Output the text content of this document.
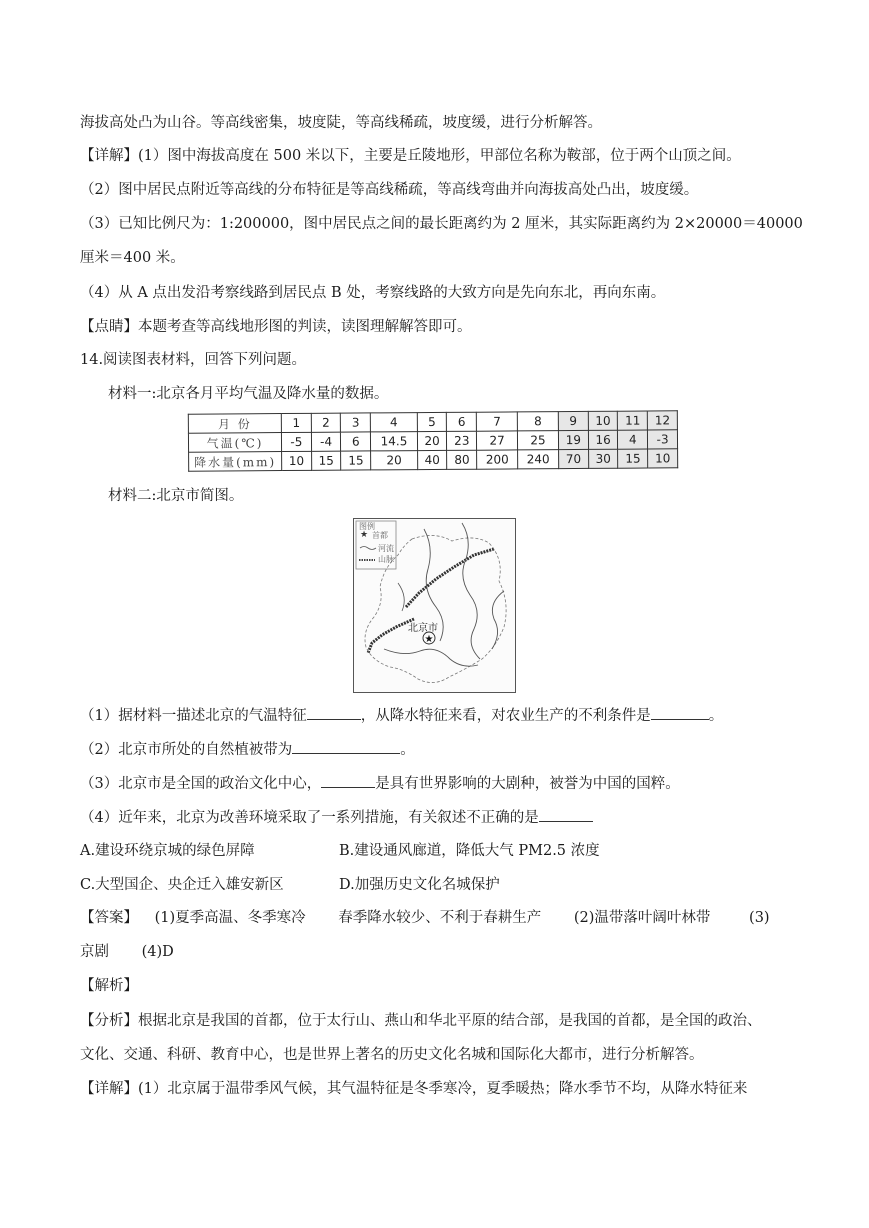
海拔高处凸为山谷。等高线密集，坡度陡，等高线稀疏，坡度缓，进行分析解答。
【详解】(1）图中海拔高度在 500 米以下，主要是丘陵地形，甲部位名称为鞍部，位于两个山顶之间。
（2）图中居民点附近等高线的分布特征是等高线稀疏，等高线弯曲并向海拔高处凸出，坡度缓。
（3）已知比例尺为：1:200000，图中居民点之间的最长距离约为 2 厘米，其实际距离约为 2×20000＝40000
厘米＝400 米。
（4）从 A 点出发沿考察线路到居民点 B 处，考察线路的大致方向是先向东北，再向东南。
【点睛】本题考查等高线地形图的判读，读图理解解答即可。
14.阅读图表材料，回答下列问题。
材料一:北京各月平均气温及降水量的数据。
月 份	1	2	3	4	5	6	7	8	9	10	11	12
气温(℃)	-5	-4	6	14.5	20	23	27	25	19	16	4	-3
降水量(mm)	10	15	15	20	40	80	200	240	70	30	15	10
材料二:北京市简图。
★
★
图例
首都
河流
山脉
北京市
（1）据材料一描述北京的气温特征	，从降水特征来看，对农业生产的不利条件是	。
（2）北京市所处的自然植被带为	。
（3）北京市是全国的政治文化中心，	是具有世界影响的大剧种，被誉为中国的国粹。
（4）近年来，北京为改善环境采取了一系列措施，有关叙述不正确的是
A.建设环绕京城的绿色屏障	B.建设通风廊道，降低大气 PM2.5 浓度
C.大型国企、央企迁入雄安新区	D.加强历史文化名城保护
【答案】 (1)夏季高温、冬季寒冷 春季降水较少、不利于春耕生产 (2)温带落叶阔叶林带	(3)
京剧 (4)D
【解析】
【分析】根据北京是我国的首都，位于太行山、燕山和华北平原的结合部，是我国的首都，是全国的政治、
文化、交通、科研、教育中心，也是世界上著名的历史文化名城和国际化大都市，进行分析解答。
【详解】(1）北京属于温带季风气候，其气温特征是冬季寒冷，夏季暖热；降水季节不均，从降水特征来
